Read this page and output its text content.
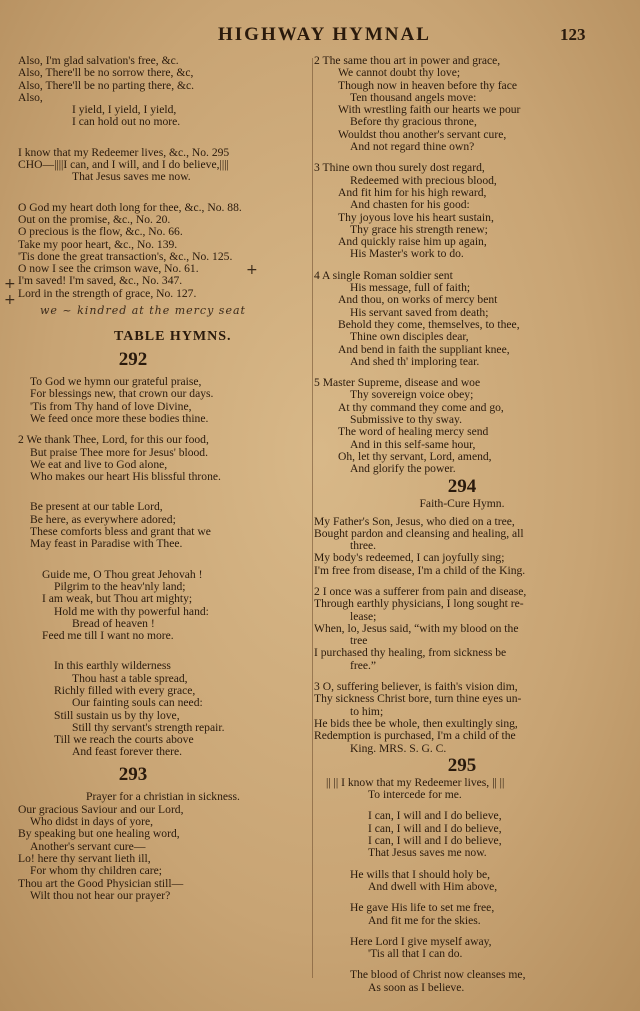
HIGHWAY HYMNAL	123
+
+
+
Also, I'm glad salvation's free, &c.
Also, There'll be no sorrow there, &c,
Also, There'll be no parting there, &c.
Also,
I yield, I yield, I yield,
I can hold out no more.
I know that my Redeemer lives, &c., No. 295
CHO—||||I can, and I will, and I do believe,||||
That Jesus saves me now.
O God my heart doth long for thee, &c., No. 88.
Out on the promise, &c., No. 20.
O precious is the flow, &c., No. 66.
Take my poor heart, &c., No. 139.
'Tis done the great transaction's, &c., No. 125.
O now I see the crimson wave, No. 61.
I'm saved! I'm saved, &c., No. 347.
Lord in the strength of grace, No. 127.
we ~ kindred at the mercy seat
TABLE HYMNS.
292
To God we hymn our grateful praise,
For blessings new, that crown our days.
'Tis from Thy hand of love Divine,
We feed once more these bodies thine.
2 We thank Thee, Lord, for this our food,
But praise Thee more for Jesus' blood.
We eat and live to God alone,
Who makes our heart His blissful throne.
Be present at our table Lord,
Be here, as everywhere adored;
These comforts bless and grant that we
May feast in Paradise with Thee.
Guide me, O Thou great Jehovah !
Pilgrim to the heav'nly land;
I am weak, but Thou art mighty;
Hold me with thy powerful hand:
Bread of heaven !
Feed me till I want no more.
In this earthly wilderness
Thou hast a table spread,
Richly filled with every grace,
Our fainting souls can need:
Still sustain us by thy love,
Still thy servant's strength repair.
Till we reach the courts above
And feast forever there.
293
Prayer for a christian in sickness.
Our gracious Saviour and our Lord,
Who didst in days of yore,
By speaking but one healing word,
Another's servant cure—
Lo! here thy servant lieth ill,
For whom thy children care;
Thou art the Good Physician still—
Wilt thou not hear our prayer?
2 The same thou art in power and grace,
We cannot doubt thy love;
Though now in heaven before thy face
Ten thousand angels move:
With wrestling faith our hearts we pour
Before thy gracious throne,
Wouldst thou another's servant cure,
And not regard thine own?
3 Thine own thou surely dost regard,
Redeemed with precious blood,
And fit him for his high reward,
And chasten for his good:
Thy joyous love his heart sustain,
Thy grace his strength renew;
And quickly raise him up again,
His Master's work to do.
4 A single Roman soldier sent
His message, full of faith;
And thou, on works of mercy bent
His servant saved from death;
Behold they come, themselves, to thee,
Thine own disciples dear,
And bend in faith the suppliant knee,
And shed th' imploring tear.
5 Master Supreme, disease and woe
Thy sovereign voice obey;
At thy command they come and go,
Submissive to thy sway.
The word of healing mercy send
And in this self-same hour,
Oh, let thy servant, Lord, amend,
And glorify the power.
294
Faith-Cure Hymn.
My Father's Son, Jesus, who died on a tree,
Bought pardon and cleansing and healing, all
three.
My body's redeemed, I can joyfully sing;
I'm free from disease, I'm a child of the King.
2 I once was a sufferer from pain and disease,
Through earthly physicians, I long sought re-
lease;
When, lo, Jesus said, “with my blood on the
tree
I purchased thy healing, from sickness be
free.”
3 O, suffering believer, is faith's vision dim,
Thy sickness Christ bore, turn thine eyes un-
to him;
He bids thee be whole, then exultingly sing,
Redemption is purchased, I'm a child of the
King. MRS. S. G. C.
295
|| || I know that my Redeemer lives, || ||
To intercede for me.
I can, I will and I do believe,
I can, I will and I do believe,
I can, I will and I do believe,
That Jesus saves me now.
He wills that I should holy be,
And dwell with Him above,
He gave His life to set me free,
And fit me for the skies.
Here Lord I give myself away,
'Tis all that I can do.
The blood of Christ now cleanses me,
As soon as I believe.
